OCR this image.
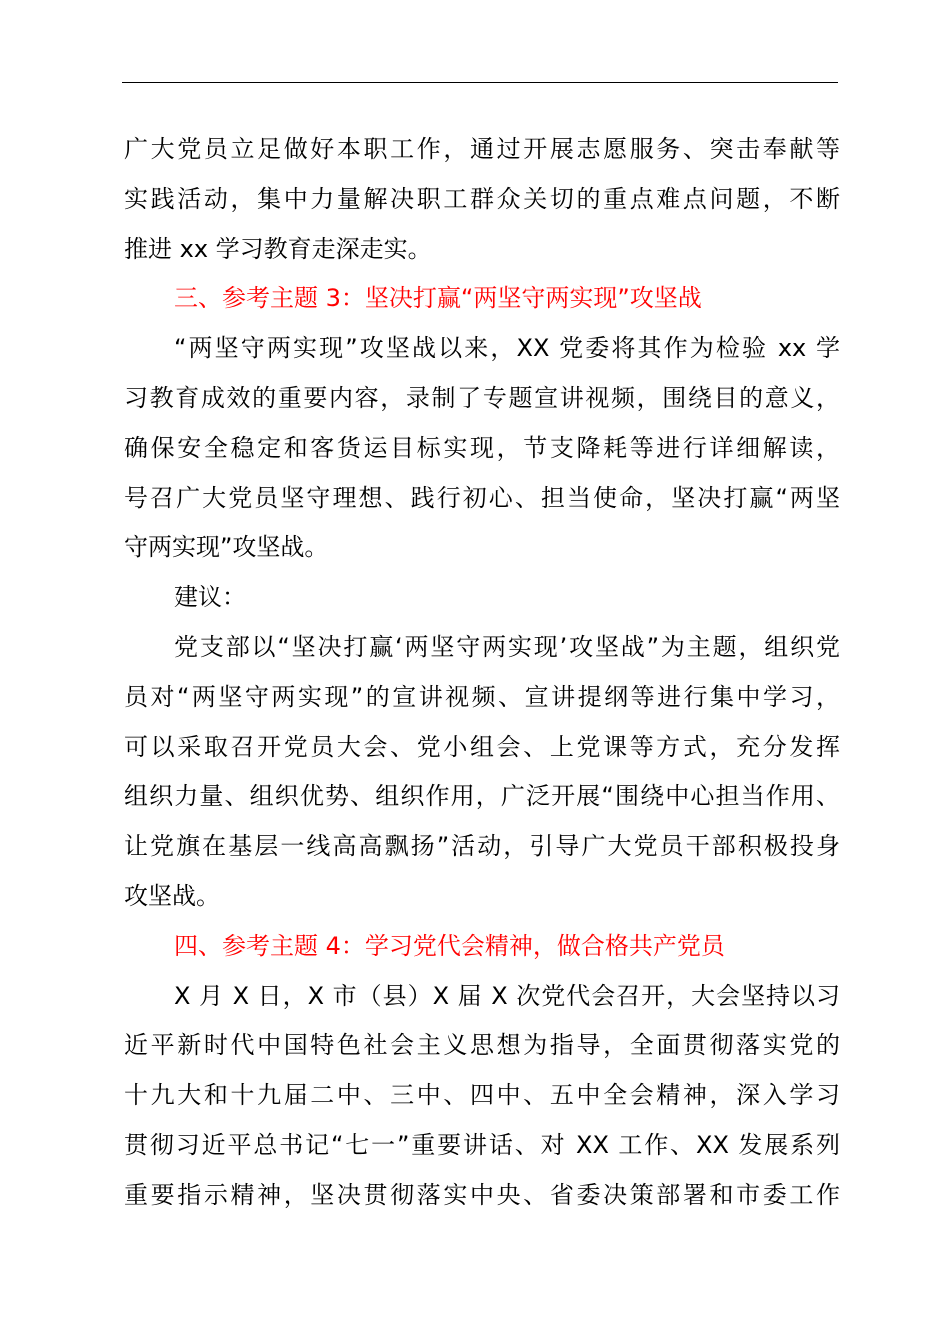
广大党员立足做好本职工作，通过开展志愿服务、突击奉献等
实践活动，集中力量解决职工群众关切的重点难点问题，不断
推进 xx 学习教育走深走实。
三、参考主题 3：坚决打赢“两坚守两实现”攻坚战
“两坚守两实现”攻坚战以来，XX 党委将其作为检验 xx 学
习教育成效的重要内容，录制了专题宣讲视频，围绕目的意义，
确保安全稳定和客货运目标实现，节支降耗等进行详细解读，
号召广大党员坚守理想、践行初心、担当使命，坚决打赢“两坚
守两实现”攻坚战。
建议：
党支部以“坚决打赢‘两坚守两实现’攻坚战”为主题，组织党
员对“两坚守两实现”的宣讲视频、宣讲提纲等进行集中学习，
可以采取召开党员大会、党小组会、上党课等方式，充分发挥
组织力量、组织优势、组织作用，广泛开展“围绕中心担当作用、
让党旗在基层一线高高飘扬”活动，引导广大党员干部积极投身
攻坚战。
四、参考主题 4：学习党代会精神，做合格共产党员
X 月 X 日，X 市（县）X 届 X 次党代会召开，大会坚持以习
近平新时代中国特色社会主义思想为指导，全面贯彻落实党的
十九大和十九届二中、三中、四中、五中全会精神，深入学习
贯彻习近平总书记“七一”重要讲话、对 XX 工作、XX 发展系列
重要指示精神，坚决贯彻落实中央、省委决策部署和市委工作
